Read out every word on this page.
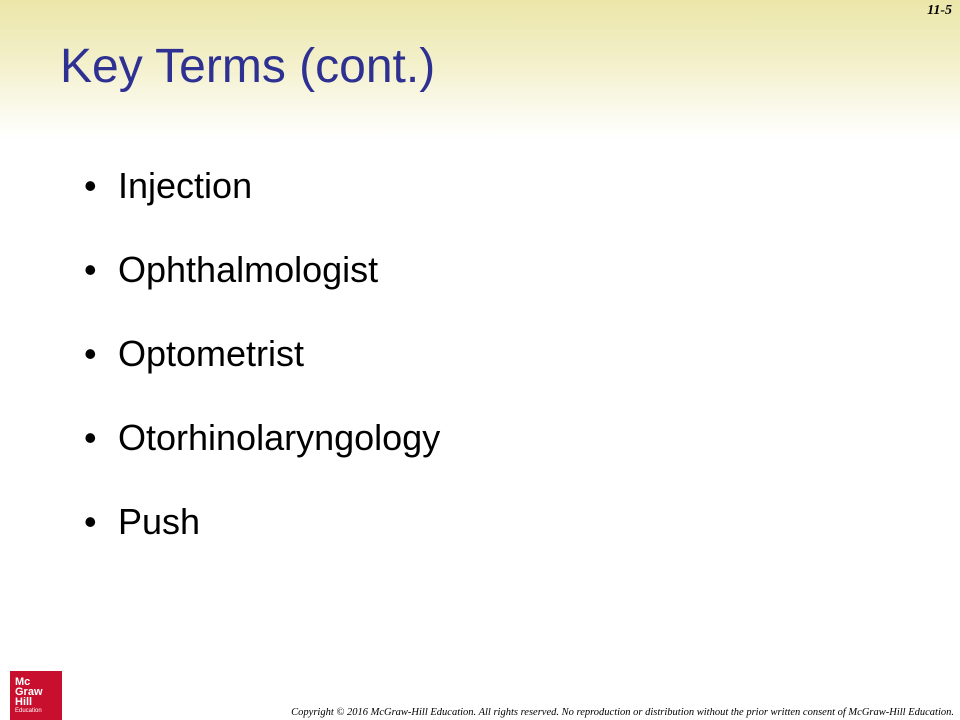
11-5
Key Terms (cont.)
• Injection
• Ophthalmologist
• Optometrist
• Otorhinolaryngology
• Push
Mc
Graw
Hill
Education	Copyright © 2016 McGraw-Hill Education. All rights reserved. No reproduction or distribution without the prior written consent of McGraw-Hill Education.
